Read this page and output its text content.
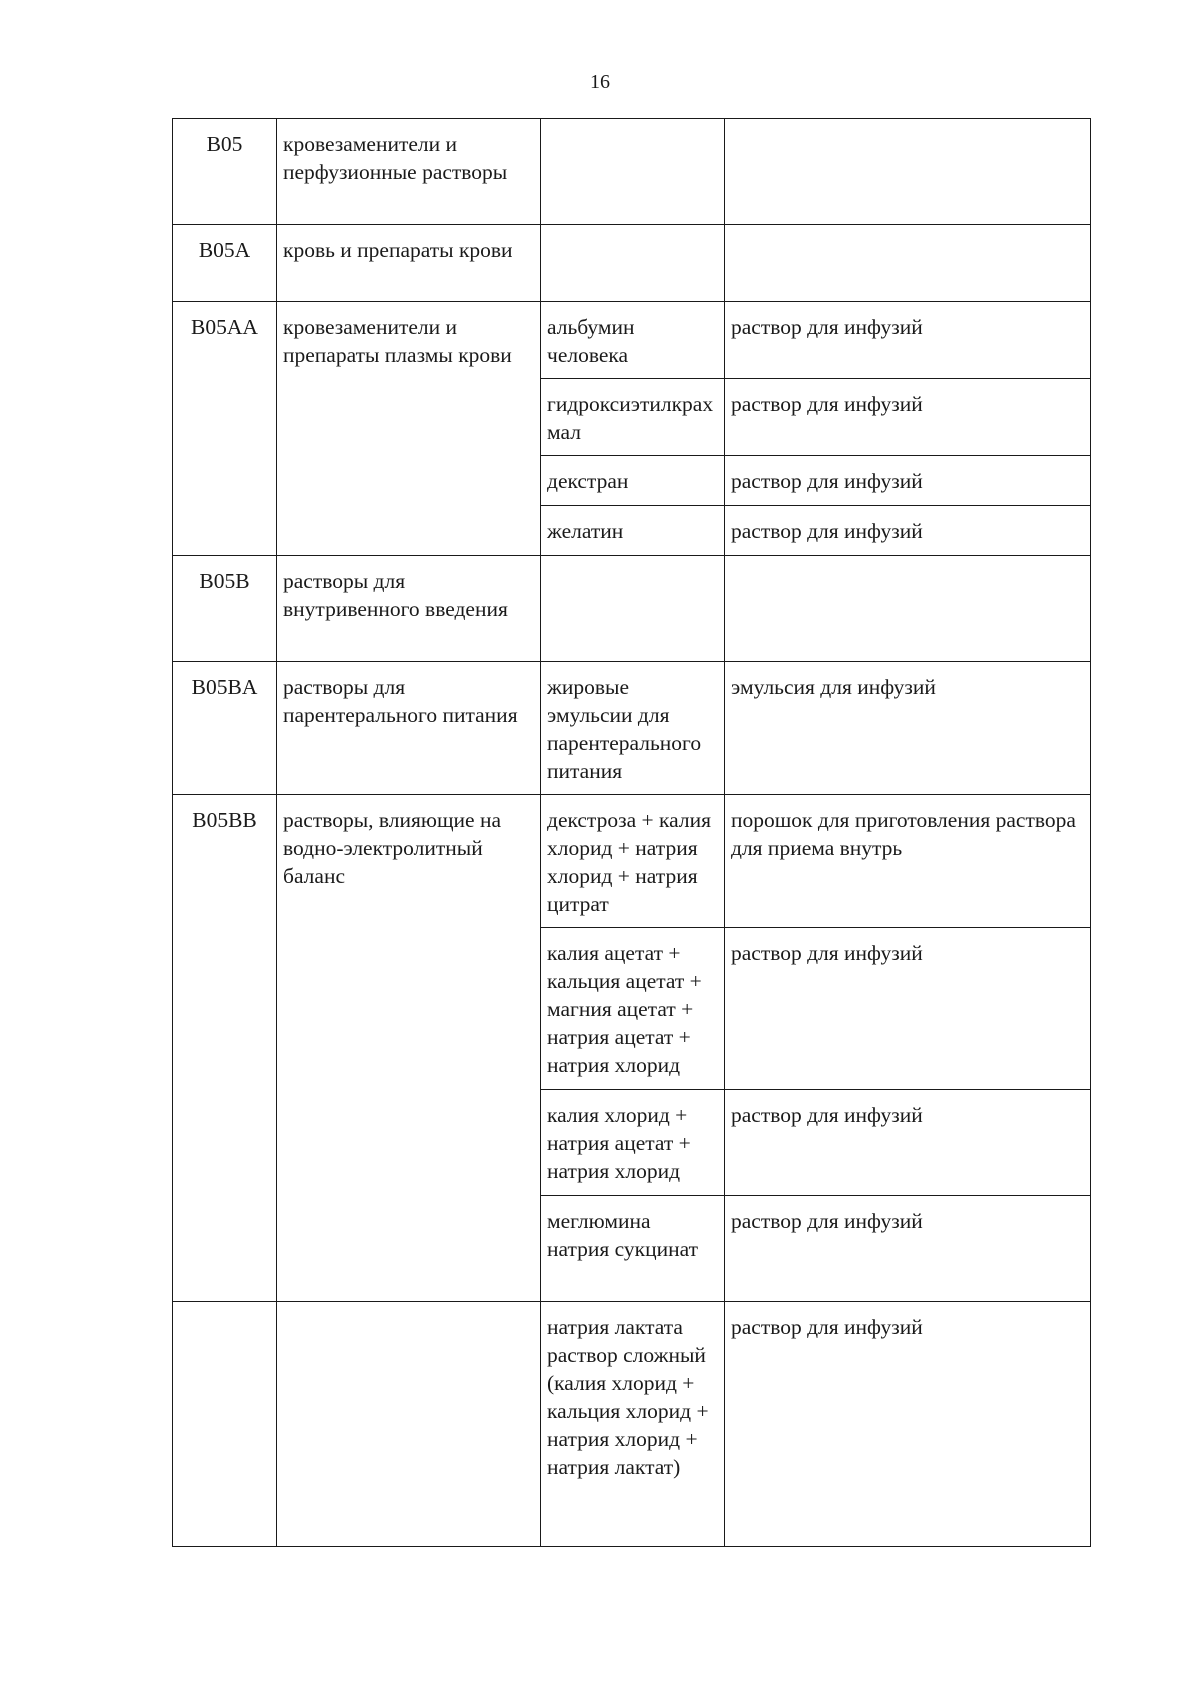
16
B05	кровезаменители и перфузионные растворы		
B05A	кровь и препараты крови		
B05AA	кровезаменители и препараты плазмы крови	альбумин человека	раствор для инфузий
		гидроксиэтилкрахмал	раствор для инфузий
		декстран	раствор для инфузий
		желатин	раствор для инфузий
B05B	растворы для внутривенного введения		
B05BA	растворы для парентерального питания	жировые эмульсии для парентерального питания	эмульсия для инфузий
B05BB	растворы, влияющие на водно-электролитный баланс	декстроза + калия хлорид + натрия хлорид + натрия цитрат	порошок для приготовления раствора для приема внутрь
		калия ацетат + кальция ацетат + магния ацетат + натрия ацетат + натрия хлорид	раствор для инфузий
		калия хлорид + натрия ацетат + натрия хлорид	раствор для инфузий
		меглюмина натрия сукцинат	раствор для инфузий
		натрия лактата раствор сложный (калия хлорид + кальция хлорид + натрия хлорид + натрия лактат)	раствор для инфузий
